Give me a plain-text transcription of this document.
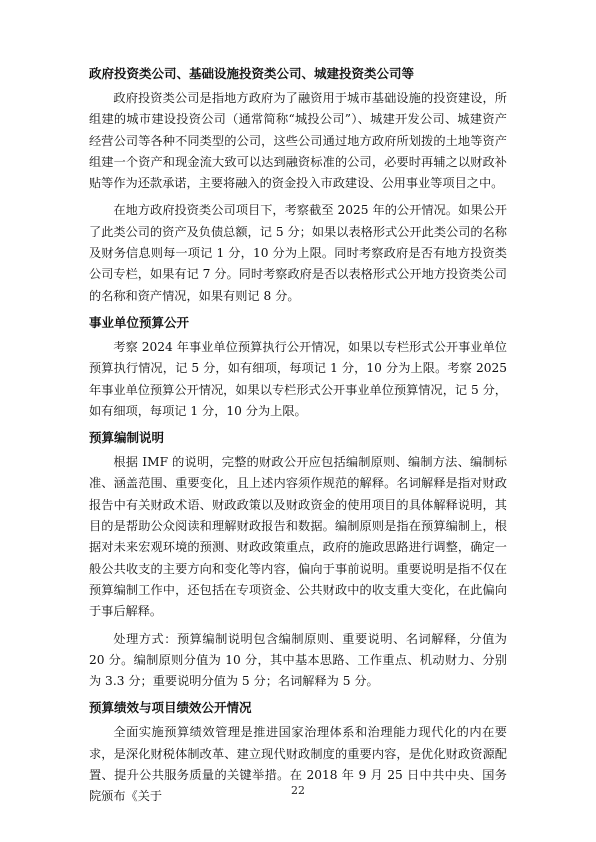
政府投资类公司、基础设施投资类公司、城建投资类公司等

政府投资类公司是指地方政府为了融资用于城市基础设施的投资建设，所组建的城市建设投资公司（通常简称“城投公司”）、城建开发公司、城建资产经营公司等各种不同类型的公司，这些公司通过地方政府所划拨的土地等资产组建一个资产和现金流大致可以达到融资标准的公司，必要时再辅之以财政补贴等作为还款承诺，主要将融入的资金投入市政建设、公用事业等项目之中。

在地方政府投资类公司项目下，考察截至 2025 年的公开情况。如果公开了此类公司的资产及负债总额，记 5 分；如果以表格形式公开此类公司的名称及财务信息则每一项记 1 分，10 分为上限。同时考察政府是否有地方投资类公司专栏，如果有记 7 分。同时考察政府是否以表格形式公开地方投资类公司的名称和资产情况，如果有则记 8 分。

事业单位预算公开

考察 2024 年事业单位预算执行公开情况，如果以专栏形式公开事业单位预算执行情况，记 5 分，如有细项，每项记 1 分，10 分为上限。考察 2025 年事业单位预算公开情况，如果以专栏形式公开事业单位预算情况，记 5 分，如有细项，每项记 1 分，10 分为上限。

预算编制说明

根据 IMF 的说明，完整的财政公开应包括编制原则、编制方法、编制标准、涵盖范围、重要变化，且上述内容须作规范的解释。名词解释是指对财政报告中有关财政术语、财政政策以及财政资金的使用项目的具体解释说明，其目的是帮助公众阅读和理解财政报告和数据。编制原则是指在预算编制上，根据对未来宏观环境的预测、财政政策重点，政府的施政思路进行调整，确定一般公共收支的主要方向和变化等内容，偏向于事前说明。重要说明是指不仅在预算编制工作中，还包括在专项资金、公共财政中的收支重大变化，在此偏向于事后解释。

处理方式：预算编制说明包含编制原则、重要说明、名词解释，分值为 20 分。编制原则分值为 10 分，其中基本思路、工作重点、机动财力、分别为 3.3 分；重要说明分值为 5 分；名词解释为 5 分。

预算绩效与项目绩效公开情况

全面实施预算绩效管理是推进国家治理体系和治理能力现代化的内在要求，是深化财税体制改革、建立现代财政制度的重要内容，是优化财政资源配置、提升公共服务质量的关键举措。在 2018 年 9 月 25 日中共中央、国务院颁布《关于	22
